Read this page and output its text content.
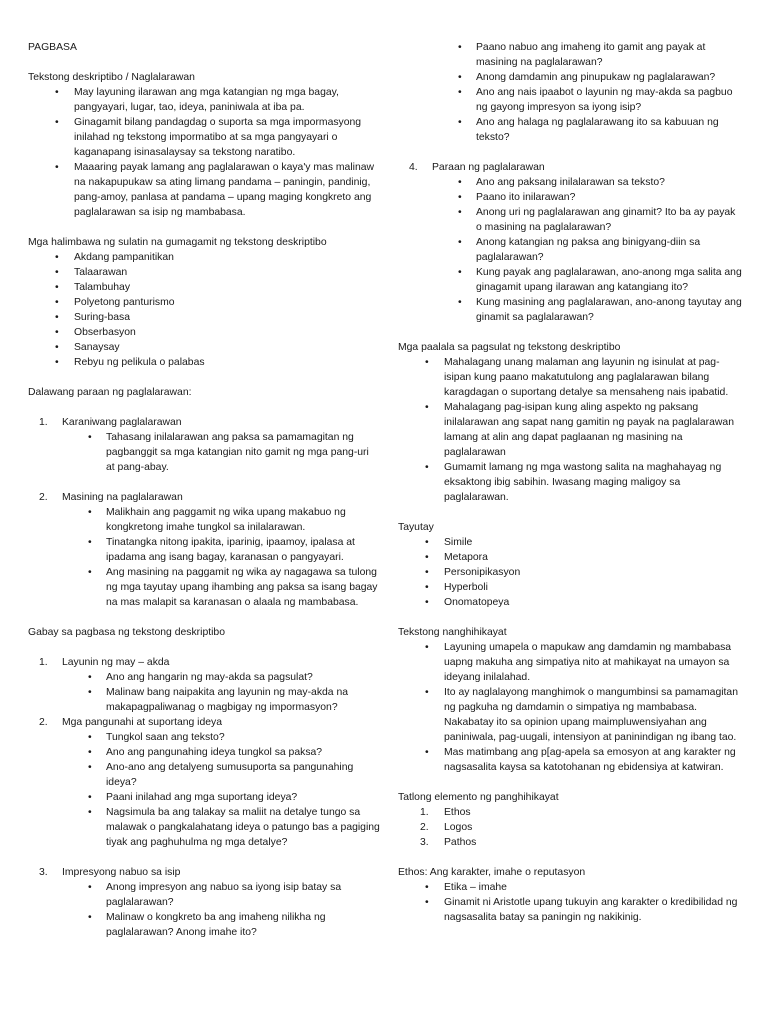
PAGBASA
Tekstong deskriptibo / Naglalarawan
• May layuning ilarawan ang mga katangian ng mga bagay, pangyayari, lugar, tao, ideya, paniniwala at iba pa.
• Ginagamit bilang pandagdag o suporta sa mga impormasyong inilahad ng tekstong impormatibo at sa mga pangyayari o kaganapang isinasalaysay sa tekstong naratibo.
• Maaaring payak lamang ang paglalarawan o kaya'y mas malinaw na nakapupukaw sa ating limang pandama – paningin, pandinig, pang-amoy, panlasa at pandama – upang maging kongkreto ang paglalarawan sa isip ng mambabasa.
Mga halimbawa ng sulatin na gumagamit ng tekstong deskriptibo
• Akdang pampanitikan
• Talaarawan
• Talambuhay
• Polyetong panturismo
• Suring-basa
• Obserbasyon
• Sanaysay
• Rebyu ng pelikula o palabas
Dalawang paraan ng paglalarawan:
1. Karaniwang paglalarawan
• Tahasang inilalarawan ang paksa sa pamamagitan ng pagbanggit sa mga katangian nito gamit ng mga pang-uri at pang-abay.
2. Masining na paglalarawan
• Malikhain ang paggamit ng wika upang makabuo ng kongkretong imahe tungkol sa inilalarawan.
• Tinatangka nitong ipakita, iparinig, ipaamoy, ipalasa at ipadama ang isang bagay, karanasan o pangyayari.
• Ang masining na paggamit ng wika ay nagagawa sa tulong ng mga tayutay upang ihambing ang paksa sa isang bagay na mas malapit sa karanasan o alaala ng mambabasa.
Gabay sa pagbasa ng tekstong deskriptibo
1. Layunin ng may – akda
• Ano ang hangarin ng may-akda sa pagsulat?
• Malinaw bang naipakita ang layunin ng may-akda na makapagpaliwanag o magbigay ng impormasyon?
2. Mga pangunahi at suportang ideya
• Tungkol saan ang teksto?
• Ano ang pangunahing ideya tungkol sa paksa?
• Ano-ano ang detalyeng sumusuporta sa pangunahing ideya?
• Paani inilahad ang mga suportang ideya?
• Nagsimula ba ang talakay sa maliit na detalye tungo sa malawak o pangkalahatang ideya o patungo bas a pagiging tiyak ang paghuhulma ng mga detalye?
3. Impresyong nabuo sa isip
• Anong impresyon ang nabuo sa iyong isip batay sa paglalarawan?
• Malinaw o kongkreto ba ang imaheng nilikha ng paglalarawan? Anong imahe ito?
• Paano nabuo ang imaheng ito gamit ang payak at masining na paglalarawan?
• Anong damdamin ang pinupukaw ng paglalarawan?
• Ano ang nais ipaabot o layunin ng may-akda sa pagbuo ng gayong impresyon sa iyong isip?
• Ano ang halaga ng paglalarawang ito sa kabuuan ng teksto?
4. Paraan ng paglalarawan
• Ano ang paksang inilalarawan sa teksto?
• Paano ito inilarawan?
• Anong uri ng paglalarawan ang ginamit? Ito ba ay payak o masining na paglalarawan?
• Anong katangian ng paksa ang binigyang-diin sa paglalarawan?
• Kung payak ang paglalarawan, ano-anong mga salita ang ginagamit upang ilarawan ang katangiang ito?
• Kung masining ang paglalarawan, ano-anong tayutay ang ginamit sa paglalarawan?
Mga paalala sa pagsulat ng tekstong deskriptibo
• Mahalagang unang malaman ang layunin ng isinulat at pag-isipan kung paano makatutulong ang paglalarawan bilang karagdagan o suportang detalye sa mensaheng nais ipabatid.
• Mahalagang pag-isipan kung aling aspekto ng paksang inilalarawan ang sapat nang gamitin ng payak na paglalarawan lamang at alin ang dapat paglaanan ng masining na paglalarawan
• Gumamit lamang ng mga wastong salita na maghahayag ng eksaktong ibig sabihin. Iwasang maging maligoy sa paglalarawan.
Tayutay
• Simile
• Metapora
• Personipikasyon
• Hyperboli
• Onomatopeya
Tekstong nanghihikayat
• Layuning umapela o mapukaw ang damdamin ng mambabasa uapng makuha ang simpatiya nito at mahikayat na umayon sa ideyang inilalahad.
• Ito ay naglalayong manghimok o mangumbinsi sa pamamagitan ng pagkuha ng damdamin o simpatiya ng mambabasa. Nakabatay ito sa opinion upang maimpluwensiyahan ang paniniwala, pag-uugali, intensiyon at paninindigan ng ibang tao.
• Mas matimbang ang p[ag-apela sa emosyon at ang karakter ng nagsasalita kaysa sa katotohanan ng ebidensiya at katwiran.
Tatlong elemento ng panghihikayat
1. Ethos
2. Logos
3. Pathos
Ethos: Ang karakter, imahe o reputasyon
• Etika – imahe
• Ginamit ni Aristotle upang tukuyin ang karakter o kredibilidad ng nagsasalita batay sa paningin ng nakikinig.
